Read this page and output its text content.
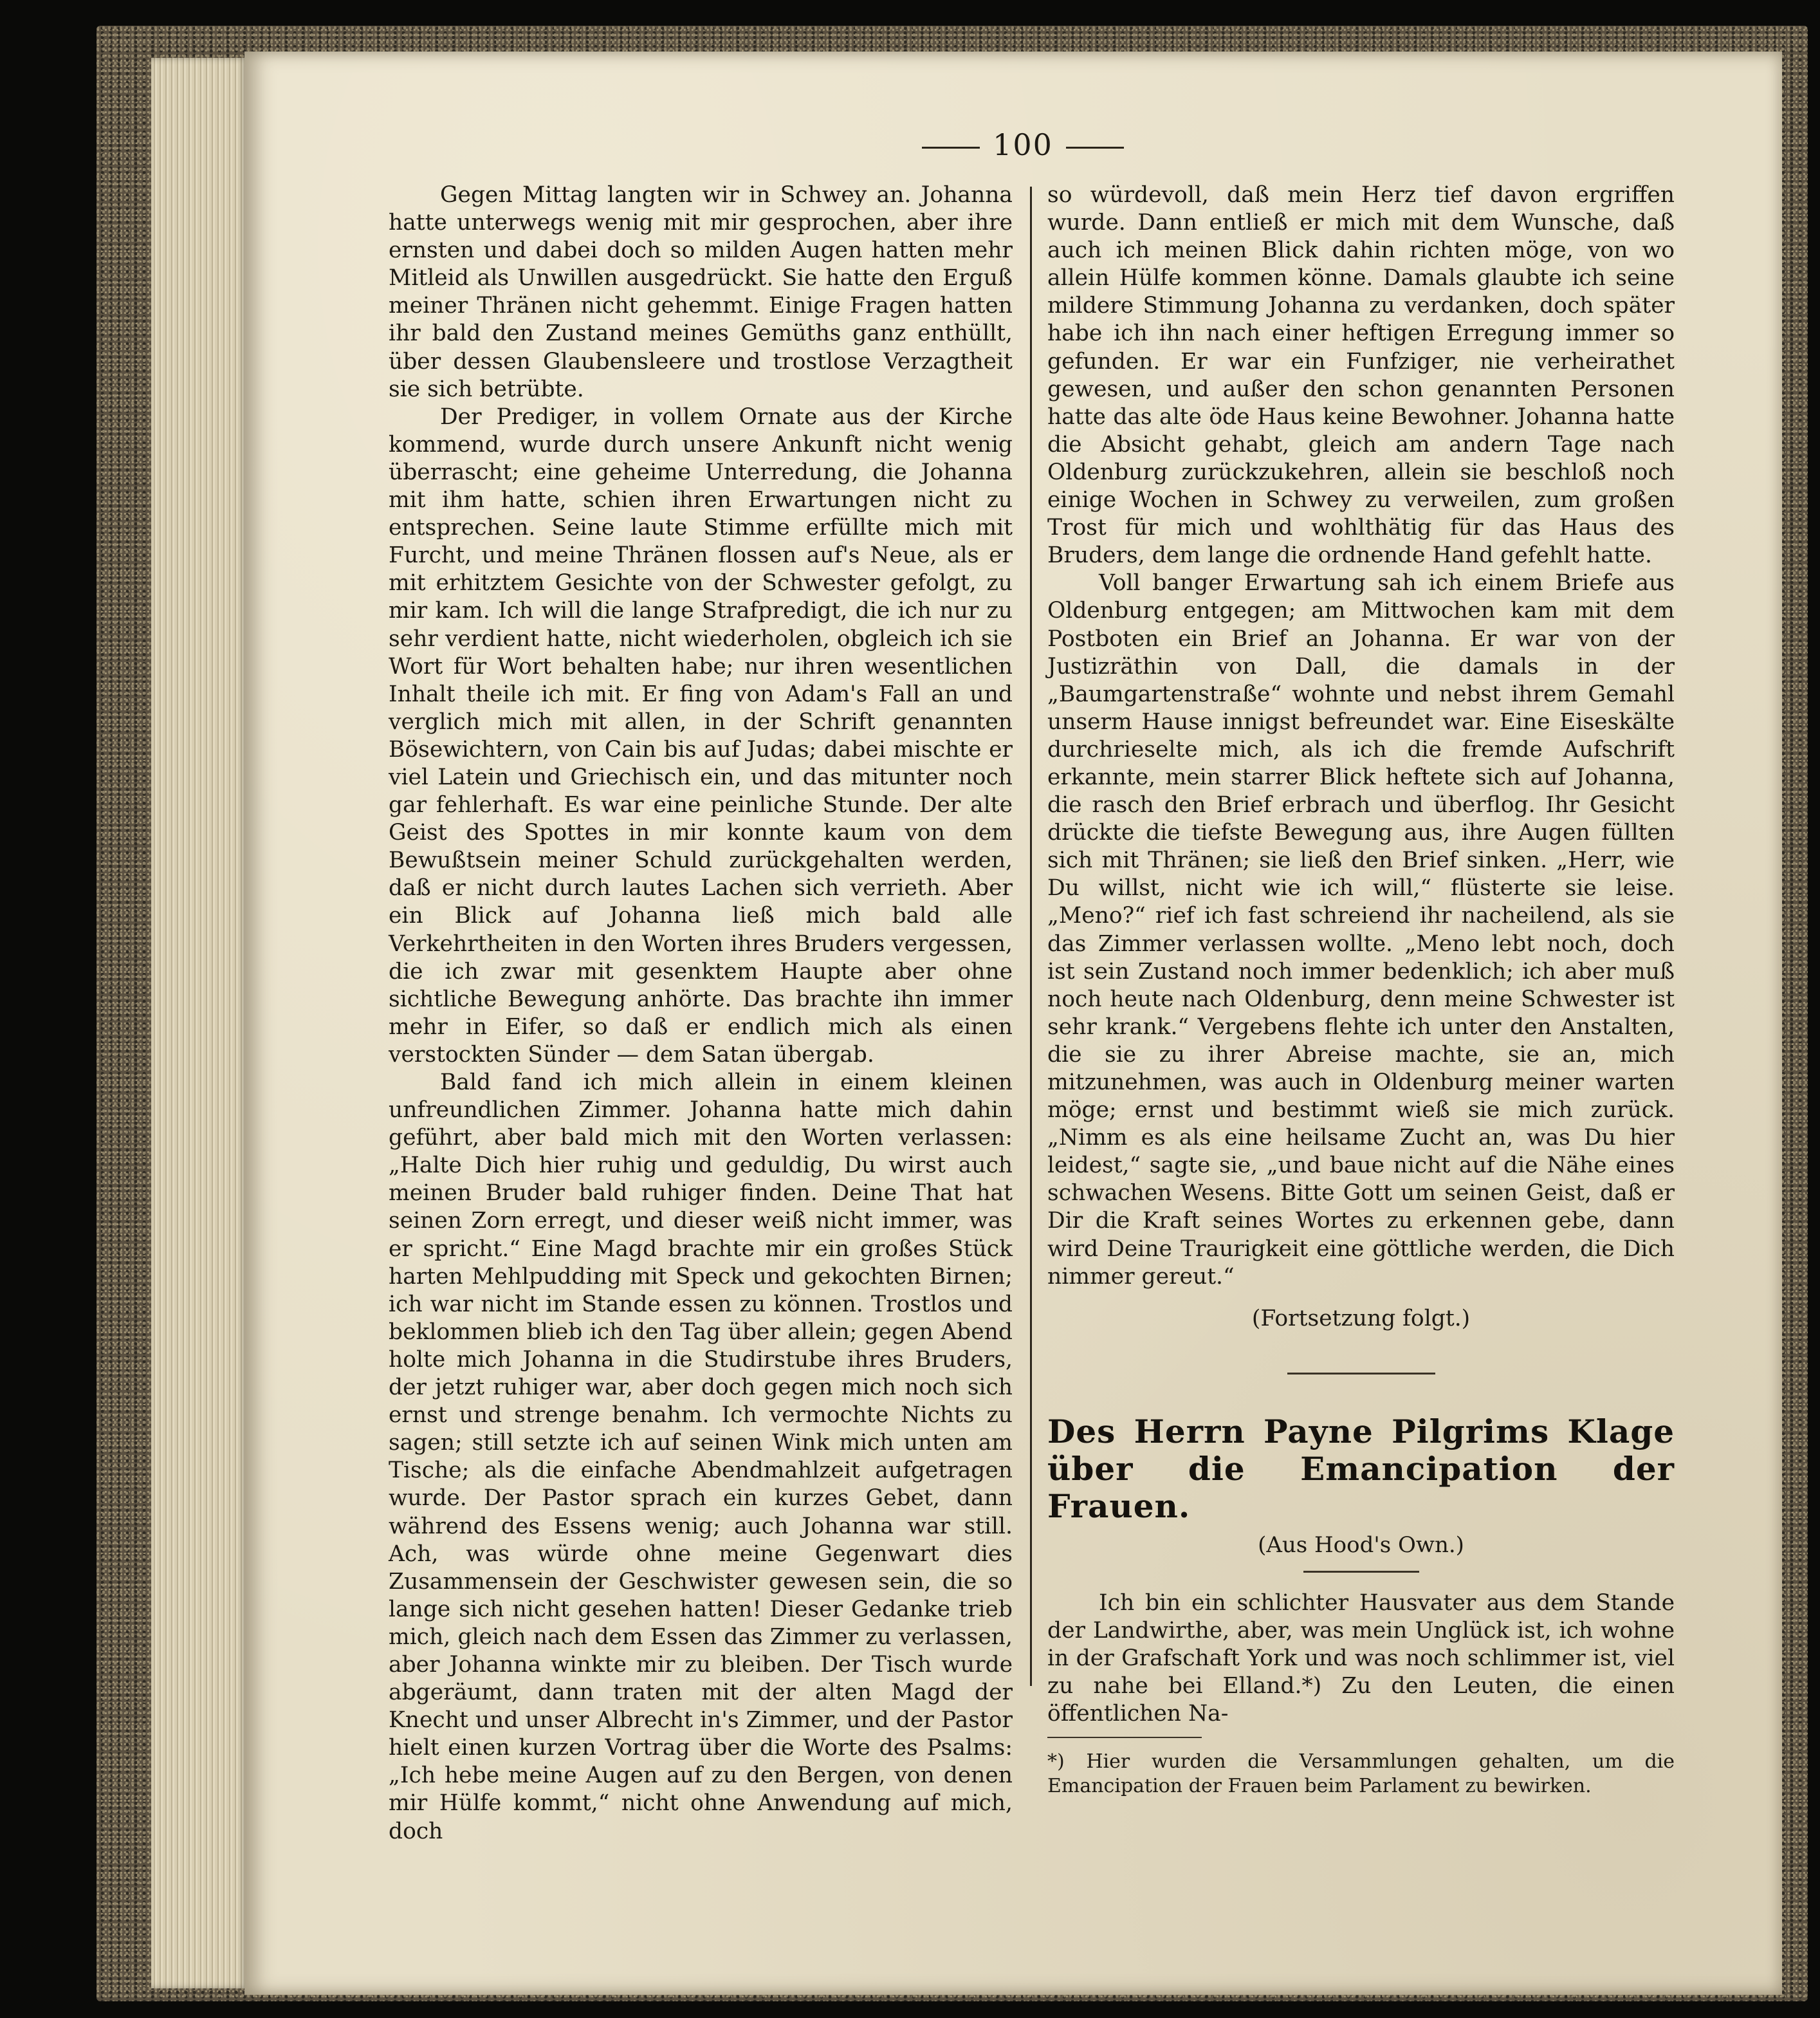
100

Gegen Mittag langten wir in Schwey an. Johanna hatte unterwegs wenig mit mir gesprochen, aber ihre ernsten und dabei doch so milden Augen hatten mehr Mitleid als Unwillen ausgedrückt. Sie hatte den Erguß meiner Thränen nicht gehemmt. Einige Fragen hatten ihr bald den Zustand meines Gemüths ganz enthüllt, über dessen Glaubensleere und trostlose Verzagtheit sie sich betrübte.

Der Prediger, in vollem Ornate aus der Kirche kommend, wurde durch unsere Ankunft nicht wenig überrascht; eine geheime Unterredung, die Johanna mit ihm hatte, schien ihren Erwartungen nicht zu entsprechen. Seine laute Stimme erfüllte mich mit Furcht, und meine Thränen flossen auf's Neue, als er mit erhitztem Gesichte von der Schwester gefolgt, zu mir kam. Ich will die lange Strafpredigt, die ich nur zu sehr verdient hatte, nicht wiederholen, obgleich ich sie Wort für Wort behalten habe; nur ihren wesentlichen Inhalt theile ich mit. Er fing von Adam's Fall an und verglich mich mit allen, in der Schrift genannten Bösewichtern, von Cain bis auf Judas; dabei mischte er viel Latein und Griechisch ein, und das mitunter noch gar fehlerhaft. Es war eine peinliche Stunde. Der alte Geist des Spottes in mir konnte kaum von dem Bewußtsein meiner Schuld zurückgehalten werden, daß er nicht durch lautes Lachen sich verrieth. Aber ein Blick auf Johanna ließ mich bald alle Verkehrtheiten in den Worten ihres Bruders vergessen, die ich zwar mit gesenktem Haupte aber ohne sichtliche Bewegung anhörte. Das brachte ihn immer mehr in Eifer, so daß er endlich mich als einen verstockten Sünder — dem Satan übergab.

Bald fand ich mich allein in einem kleinen unfreundlichen Zimmer. Johanna hatte mich dahin geführt, aber bald mich mit den Worten verlassen: „Halte Dich hier ruhig und geduldig, Du wirst auch meinen Bruder bald ruhiger finden. Deine That hat seinen Zorn erregt, und dieser weiß nicht immer, was er spricht.“ Eine Magd brachte mir ein großes Stück harten Mehlpudding mit Speck und gekochten Birnen; ich war nicht im Stande essen zu können. Trostlos und beklommen blieb ich den Tag über allein; gegen Abend holte mich Johanna in die Studirstube ihres Bruders, der jetzt ruhiger war, aber doch gegen mich noch sich ernst und strenge benahm. Ich vermochte Nichts zu sagen; still setzte ich auf seinen Wink mich unten am Tische; als die einfache Abendmahlzeit aufgetragen wurde. Der Pastor sprach ein kurzes Gebet, dann während des Essens wenig; auch Johanna war still. Ach, was würde ohne meine Gegenwart dies Zusammensein der Geschwister gewesen sein, die so lange sich nicht gesehen hatten! Dieser Gedanke trieb mich, gleich nach dem Essen das Zimmer zu verlassen, aber Johanna winkte mir zu bleiben. Der Tisch wurde abgeräumt, dann traten mit der alten Magd der Knecht und unser Albrecht in's Zimmer, und der Pastor hielt einen kurzen Vortrag über die Worte des Psalms: „Ich hebe meine Augen auf zu den Bergen, von denen mir Hülfe kommt,“ nicht ohne Anwendung auf mich, doch

so würdevoll, daß mein Herz tief davon ergriffen wurde. Dann entließ er mich mit dem Wunsche, daß auch ich meinen Blick dahin richten möge, von wo allein Hülfe kommen könne. Damals glaubte ich seine mildere Stimmung Johanna zu verdanken, doch später habe ich ihn nach einer heftigen Erregung immer so gefunden. Er war ein Funfziger, nie verheirathet gewesen, und außer den schon genannten Personen hatte das alte öde Haus keine Bewohner. Johanna hatte die Absicht gehabt, gleich am andern Tage nach Oldenburg zurückzukehren, allein sie beschloß noch einige Wochen in Schwey zu verweilen, zum großen Trost für mich und wohlthätig für das Haus des Bruders, dem lange die ordnende Hand gefehlt hatte.

Voll banger Erwartung sah ich einem Briefe aus Oldenburg entgegen; am Mittwochen kam mit dem Postboten ein Brief an Johanna. Er war von der Justizräthin von Dall, die damals in der „Baumgartenstraße“ wohnte und nebst ihrem Gemahl unserm Hause innigst befreundet war. Eine Eiseskälte durchrieselte mich, als ich die fremde Aufschrift erkannte, mein starrer Blick heftete sich auf Johanna, die rasch den Brief erbrach und überflog. Ihr Gesicht drückte die tiefste Bewegung aus, ihre Augen füllten sich mit Thränen; sie ließ den Brief sinken. „Herr, wie Du willst, nicht wie ich will,“ flüsterte sie leise. „Meno?“ rief ich fast schreiend ihr nacheilend, als sie das Zimmer verlassen wollte. „Meno lebt noch, doch ist sein Zustand noch immer bedenklich; ich aber muß noch heute nach Oldenburg, denn meine Schwester ist sehr krank.“ Vergebens flehte ich unter den Anstalten, die sie zu ihrer Abreise machte, sie an, mich mitzunehmen, was auch in Oldenburg meiner warten möge; ernst und bestimmt wieß sie mich zurück. „Nimm es als eine heilsame Zucht an, was Du hier leidest,“ sagte sie, „und baue nicht auf die Nähe eines schwachen Wesens. Bitte Gott um seinen Geist, daß er Dir die Kraft seines Wortes zu erkennen gebe, dann wird Deine Traurigkeit eine göttliche werden, die Dich nimmer gereut.“

(Fortsetzung folgt.)

Des Herrn Payne Pilgrims Klage
über die Emancipation der Frauen.

(Aus Hood's Own.)

Ich bin ein schlichter Hausvater aus dem Stande der Landwirthe, aber, was mein Unglück ist, ich wohne in der Grafschaft York und was noch schlimmer ist, viel zu nahe bei Elland.*) Zu den Leuten, die einen öffentlichen Na-

*) Hier wurden die Versammlungen gehalten, um die Emancipation der Frauen beim Parlament zu bewirken.
